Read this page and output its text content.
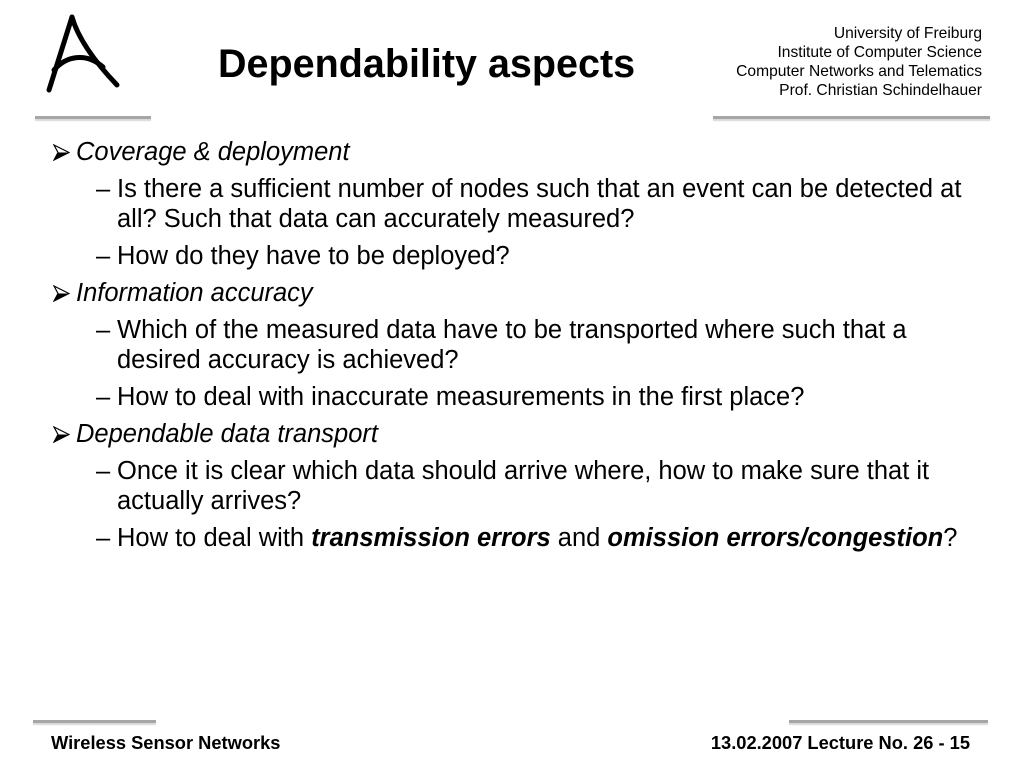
Dependability aspects
University of Freiburg
Institute of Computer Science
Computer Networks and Telematics
Prof. Christian Schindelhauer
Coverage & deployment
– Is there a sufficient number of nodes such that an event can be detected at
all? Such that data can accurately measured?
– How do they have to be deployed?
Information accuracy
– Which of the measured data have to be transported where such that a
desired accuracy is achieved?
– How to deal with inaccurate measurements in the first place?
Dependable data transport
– Once it is clear which data should arrive where, how to make sure that it
actually arrives?
– How to deal with transmission errors and omission errors/congestion?
Wireless Sensor Networks	13.02.2007 Lecture No. 26 - 15
